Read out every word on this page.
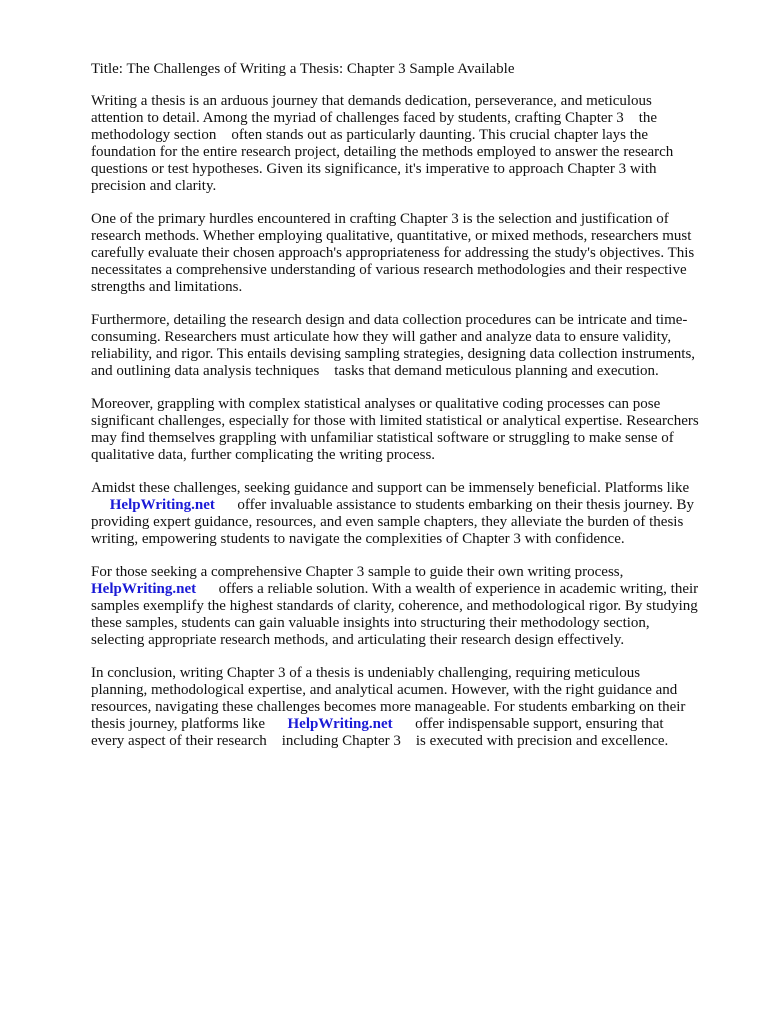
Title: The Challenges of Writing a Thesis: Chapter 3 Sample Available
Writing a thesis is an arduous journey that demands dedication, perseverance, and meticulous
attention to detail. Among the myriad of challenges faced by students, crafting Chapter 3    the
methodology section    often stands out as particularly daunting. This crucial chapter lays the
foundation for the entire research project, detailing the methods employed to answer the research
questions or test hypotheses. Given its significance, it's imperative to approach Chapter 3 with
precision and clarity.
One of the primary hurdles encountered in crafting Chapter 3 is the selection and justification of
research methods. Whether employing qualitative, quantitative, or mixed methods, researchers must
carefully evaluate their chosen approach's appropriateness for addressing the study's objectives. This
necessitates a comprehensive understanding of various research methodologies and their respective
strengths and limitations.
Furthermore, detailing the research design and data collection procedures can be intricate and time-
consuming. Researchers must articulate how they will gather and analyze data to ensure validity,
reliability, and rigor. This entails devising sampling strategies, designing data collection instruments,
and outlining data analysis techniques    tasks that demand meticulous planning and execution.
Moreover, grappling with complex statistical analyses or qualitative coding processes can pose
significant challenges, especially for those with limited statistical or analytical expertise. Researchers
may find themselves grappling with unfamiliar statistical software or struggling to make sense of
qualitative data, further complicating the writing process.
Amidst these challenges, seeking guidance and support can be immensely beneficial. Platforms like
HelpWriting.net      offer invaluable assistance to students embarking on their thesis journey. By
providing expert guidance, resources, and even sample chapters, they alleviate the burden of thesis
writing, empowering students to navigate the complexities of Chapter 3 with confidence.
For those seeking a comprehensive Chapter 3 sample to guide their own writing process,
HelpWriting.net      offers a reliable solution. With a wealth of experience in academic writing, their
samples exemplify the highest standards of clarity, coherence, and methodological rigor. By studying
these samples, students can gain valuable insights into structuring their methodology section,
selecting appropriate research methods, and articulating their research design effectively.
In conclusion, writing Chapter 3 of a thesis is undeniably challenging, requiring meticulous
planning, methodological expertise, and analytical acumen. However, with the right guidance and
resources, navigating these challenges becomes more manageable. For students embarking on their
thesis journey, platforms like      HelpWriting.net      offer indispensable support, ensuring that
every aspect of their research    including Chapter 3    is executed with precision and excellence.
